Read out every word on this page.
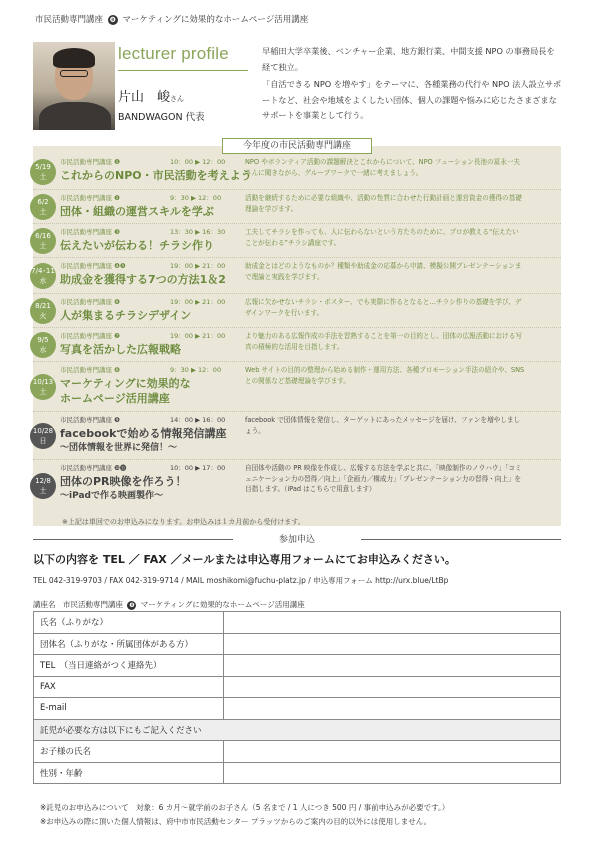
市民活動専門講座 ❽ マーケティングに効果的なホームページ活用講座
lecturer profile
片山　峻さん
BANDWAGON 代表

早稲田大学卒業後、ベンチャー企業、地方銀行業、中間支援 NPO の事務局長を経て独立。

「自活できる NPO を増やす」をテーマに、各種業務の代行や NPO 法人設立サポートなど、社会や地域をよくしたい団体、個人の課題や悩みに応じたさまざまなサポートを事業として行う。

今年度の市民活動専門講座
5/19
土
市民活動専門講座 ❶	10：00 ▶ 12：00
これからのNPO・市民活動を考えよう
NPO やボランティア活動の課題解決とこれからについて、NPO フューション長池の冨永一夫さんに聞きながら、グループワークで一緒に考えましょう。
6/2
土
市民活動専門講座 ❷	9：30 ▶ 12：00
団体・組織の運営スキルを学ぶ
活動を継続するために必要な組織や、活動の性質に合わせた行動計画と運営資金の獲得の基礎理論を学びます。
6/16
土
市民活動専門講座 ❸	13：30 ▶ 16：30
伝えたいが伝わる！チラシ作り
工夫してチラシを作っても、人に伝わらないという方たちのために、プロが教える“伝えたいことが伝わる”チラシ講座です。
7/4･11
水
市民活動専門講座 ❹❺	19：00 ▶ 21：00
助成金を獲得する7つの方法1＆2
助成金とはどのようなものか？種類や助成金の応募から申請、模擬公開プレゼンテーションまで理論と実践を学びます。
8/21
火
市民活動専門講座 ❻	19：00 ▶ 21：00
人が集まるチラシデザイン
広報に欠かせないチラシ・ポスター、でも実際に作るとなると…チラシ作りの基礎を学び、デザインワークを行います。
9/5
水
市民活動専門講座 ❼	19：00 ▶ 21：00
写真を活かした広報戦略
より魅力のある広報作成の手法を習熟することを第一の目的とし、団体の広報活動における写真の積極的な活用を目指します。
10/13
土
市民活動専門講座 ❽	9：30 ▶ 12：00
マーケティングに効果的な
ホームページ活用講座
Web サイトの目的の整理から始める制作・運用方法、各種プロモーション手法の紹介や、SNS との関係など基礎理論を学びます。
10/28
日
市民活動専門講座 ❾	14：00 ▶ 16：00
facebookで始める情報発信講座
～団体情報を世界に発信！～
facebook で団体情報を発信し、ターゲットにあったメッセージを届け、ファンを増やしましょう。
12/8
土
市民活動専門講座 ❿⓫	10：00 ▶ 17：00
団体のPR映像を作ろう！
～iPadで作る映画製作～
自団体や活動の PR 映像を作成し、広報する方法を学ぶと共に、「映像制作のノウハウ」「コミュニケーション力の習得／向上」「企画力／構成力」「プレゼンテーション力の習得・向上」を目指します。（iPad はこちらで用意します）
※上記は単回でのお申込みになります。お申込みは１カ月前から受付けます。
参加申込
以下の内容を TEL ／ FAX ／メールまたは申込専用フォームにてお申込みください。
TEL 042-319-9703 / FAX 042-319-9714 / MAIL moshikomi@fuchu-platz.jp / 申込専用フォーム http://urx.blue/LtBp
講座名　 市民活動専門講座 ❽ マーケティングに効果的なホームページ活用講座
氏名（ふりがな）	
団体名（ふりがな・所属団体がある方）	
TEL　（当日連絡がつく連絡先）	
FAX	
E-mail	
託児が必要な方は以下にもご記入ください	
お子様の氏名	
性別・年齢	
※託児のお申込みについて　対象：6 カ月〜就学前のお子さん（5 名まで / 1 人につき 500 円 / 事前申込みが必要です。）
※お申込みの際に頂いた個人情報は、府中市市民活動センター プラッツからのご案内の目的以外には使用しません。
